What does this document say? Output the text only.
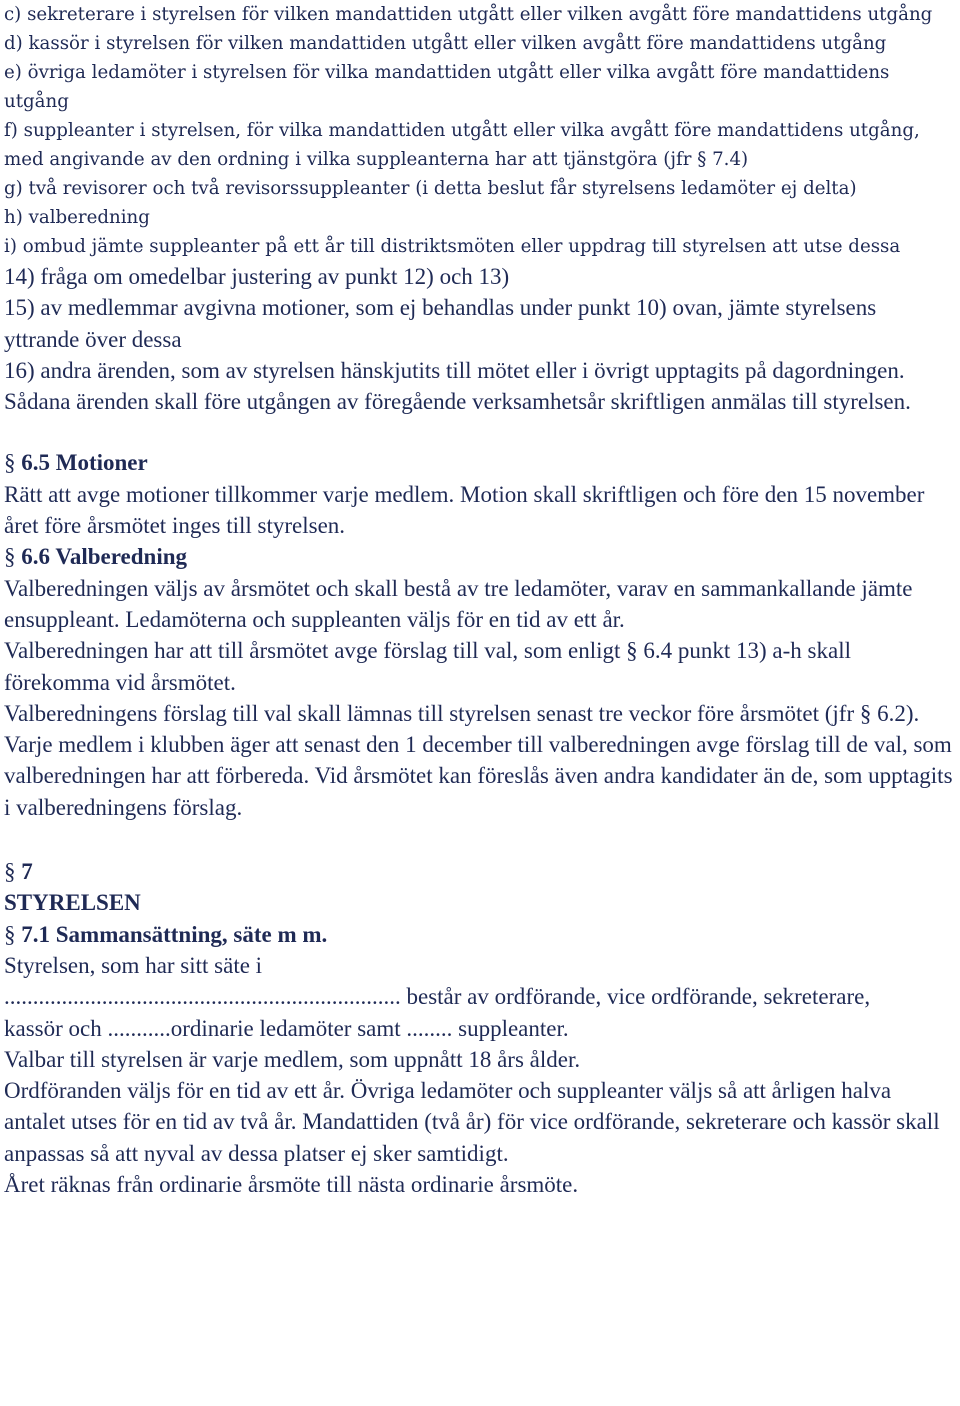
c) sekreterare i styrelsen för vilken mandattiden utgått eller vilken avgått före mandattidens utgång

d) kassör i styrelsen för vilken mandattiden utgått eller vilken avgått före mandattidens utgång

e) övriga ledamöter i styrelsen för vilka mandattiden utgått eller vilka avgått före mandattidens utgång

f) suppleanter i styrelsen, för vilka mandattiden utgått eller vilka avgått före mandattidens utgång, med angivande av den ordning i vilka suppleanterna har att tjänstgöra (jfr § 7.4)

g) två revisorer och två revisorssuppleanter (i detta beslut får styrelsens ledamöter ej delta)

h) valberedning

i) ombud jämte suppleanter på ett år till distriktsmöten eller uppdrag till styrelsen att utse dessa

14) fråga om omedelbar justering av punkt 12) och 13)

15) av medlemmar avgivna motioner, som ej behandlas under punkt 10) ovan, jämte styrelsens yttrande över dessa

16) andra ärenden, som av styrelsen hänskjutits till mötet eller i övrigt upptagits på dagordningen. Sådana ärenden skall före utgången av föregående verksamhetsår skriftligen anmälas till styrelsen.

§ 6.5 Motioner

Rätt att avge motioner tillkommer varje medlem. Motion skall skriftligen och före den 15 november året före årsmötet inges till styrelsen.

§ 6.6 Valberedning

Valberedningen väljs av årsmötet och skall bestå av tre ledamöter, varav en sammankallande jämte ensuppleant. Ledamöterna och suppleanten väljs för en tid av ett år.

Valberedningen har att till årsmötet avge förslag till val, som enligt § 6.4 punkt 13) a-h skall förekomma vid årsmötet.

Valberedningens förslag till val skall lämnas till styrelsen senast tre veckor före årsmötet (jfr § 6.2).

Varje medlem i klubben äger att senast den 1 december till valberedningen avge förslag till de val, som valberedningen har att förbereda. Vid årsmötet kan föreslås även andra kandidater än de, som upptagits i valberedningens förslag.

§ 7

STYRELSEN

§ 7.1 Sammansättning, säte m m.

Styrelsen, som har sitt säte i

..................................................................... består av ordförande, vice ordförande, sekreterare,

kassör och ...........ordinarie ledamöter samt ........ suppleanter.

Valbar till styrelsen är varje medlem, som uppnått 18 års ålder.

Ordföranden väljs för en tid av ett år. Övriga ledamöter och suppleanter väljs så att årligen halva antalet utses för en tid av två år. Mandattiden (två år) för vice ordförande, sekreterare och kassör skall anpassas så att nyval av dessa platser ej sker samtidigt.

Året räknas från ordinarie årsmöte till nästa ordinarie årsmöte.
